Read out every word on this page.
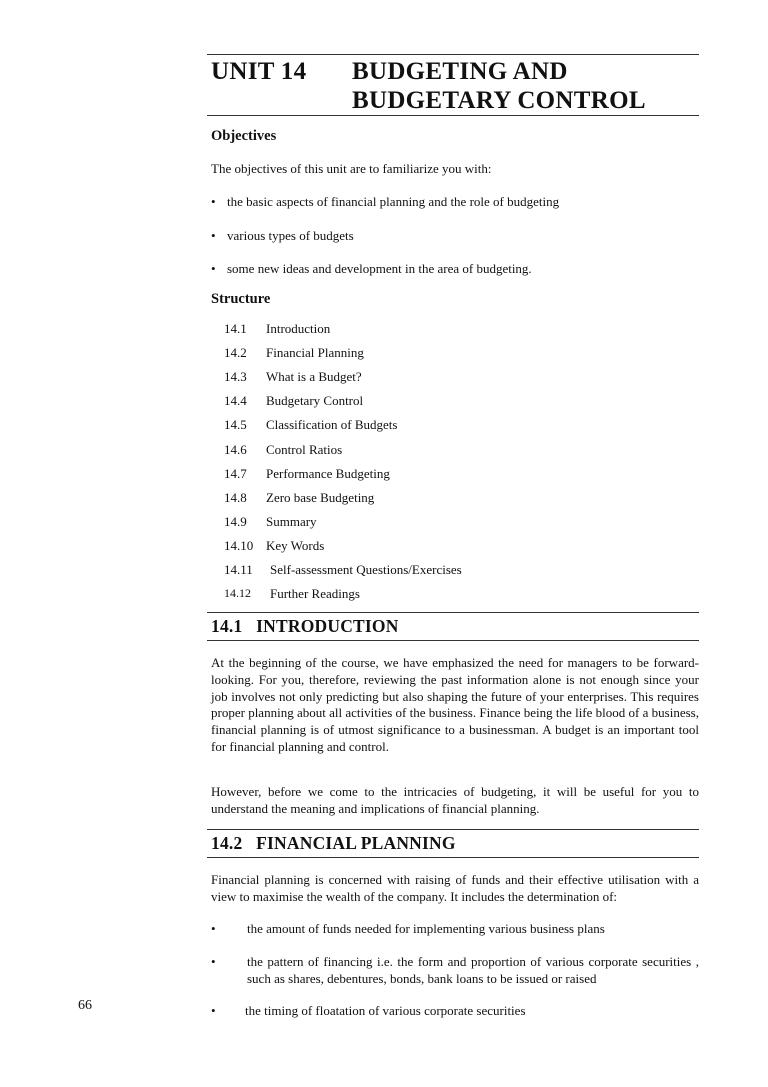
UNIT 14 BUDGETING AND
BUDGETARY CONTROL
Objectives
The objectives of this unit are to familiarize you with:
• the basic aspects of financial planning and the role of budgeting
• various types of budgets
• some new ideas and development in the area of budgeting.
Structure
14.1 Introduction
14.2 Financial Planning
14.3 What is a Budget?
14.4 Budgetary Control
14.5 Classification of Budgets
14.6 Control Ratios
14.7 Performance Budgeting
14.8 Zero base Budgeting
14.9 Summary
14.10 Key Words
14.11 Self-assessment Questions/Exercises
14.12 Further Readings
14.1   INTRODUCTION
At the beginning of the course, we have emphasized the need for managers to be forward-looking. For you, therefore, reviewing the past information alone is not enough since your job involves not only predicting but also shaping the future of your enterprises. This requires proper planning about all activities of the business. Finance being the life blood of a business, financial planning is of utmost significance to a businessman. A budget is an important tool for financial planning and control.
However, before we come to the intricacies of budgeting, it will be useful for you to understand the meaning and implications of financial planning.
14.2   FINANCIAL PLANNING
Financial planning is concerned with raising of funds and their effective utilisation with a view to maximise the wealth of the company. It includes the determination of:
• the amount of funds needed for implementing various business plans
• the pattern of financing i.e. the form and proportion of various corporate securities , such as shares, debentures, bonds, bank loans to be issued or raised
• the timing of floatation of various corporate securities
66
